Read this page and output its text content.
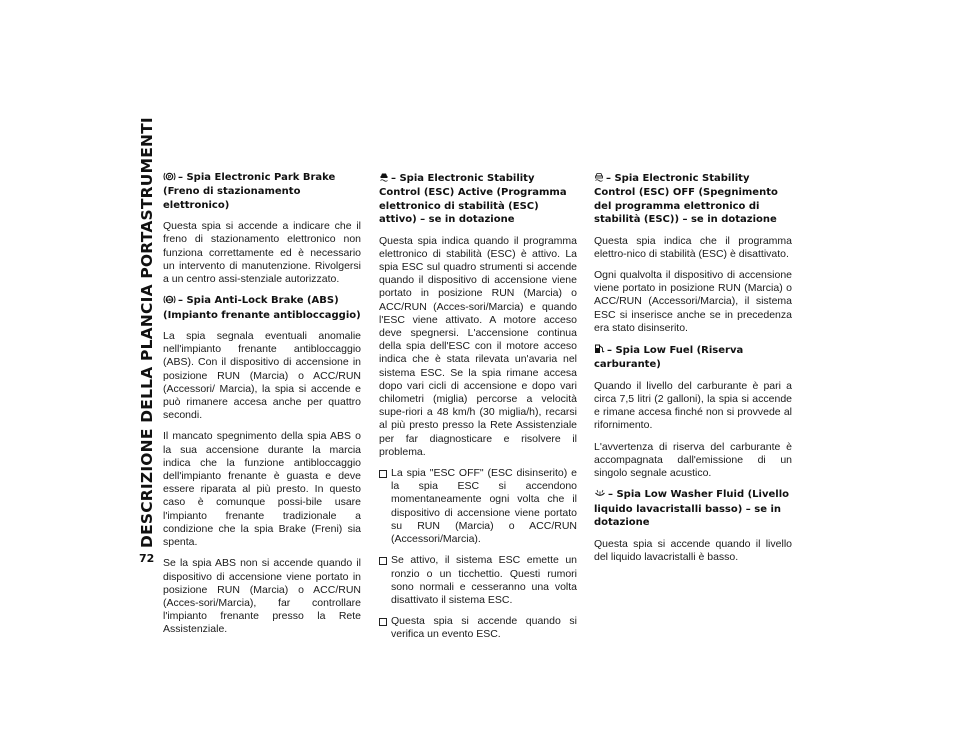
DESCRIZIONE DELLA PLANCIA PORTASTRUMENTI
72
P – Spia Electronic Park Brake (Freno di stazionamento elettronico)

Questa spia si accende a indicare che il freno di stazionamento elettronico non funziona correttamente ed è necessario un intervento di manutenzione. Rivolgersi a un centro assi-stenziale autorizzato.

ABS – Spia Anti-Lock Brake (ABS) (Impianto frenante antibloccaggio)

La spia segnala eventuali anomalie nell'impianto frenante antibloccaggio (ABS). Con il dispositivo di accensione in posizione RUN (Marcia) o ACC/RUN (Accessori/ Marcia), la spia si accende e può rimanere accesa anche per quattro secondi.

Il mancato spegnimento della spia ABS o la sua accensione durante la marcia indica che la funzione antibloccaggio dell'impianto frenante è guasta e deve essere riparata al più presto. In questo caso è comunque possi-bile usare l'impianto frenante tradizionale a condizione che la spia Brake (Freni) sia spenta.

Se la spia ABS non si accende quando il dispositivo di accensione viene portato in posizione RUN (Marcia) o ACC/RUN (Acces-sori/Marcia), far controllare l'impianto frenante presso la Rete Assistenziale.

– Spia Electronic Stability Control (ESC) Active (Programma elettronico di stabilità (ESC) attivo) – se in dotazione

Questa spia indica quando il programma elettronico di stabilità (ESC) è attivo. La spia ESC sul quadro strumenti si accende quando il dispositivo di accensione viene portato in posizione RUN (Marcia) o ACC/RUN (Acces-sori/Marcia) e quando l'ESC viene attivato. A motore acceso deve spegnersi. L'accensione continua della spia dell'ESC con il motore acceso indica che è stata rilevata un'avaria nel sistema ESC. Se la spia rimane accesa dopo vari cicli di accensione e dopo vari chilometri (miglia) percorse a velocità supe-riori a 48 km/h (30 miglia/h), recarsi al più presto presso la Rete Assistenziale per far diagnosticare e risolvere il problema.

La spia "ESC OFF" (ESC disinserito) e la spia ESC si accendono momentaneamente ogni volta che il dispositivo di accensione viene portato su RUN (Marcia) o ACC/RUN (Accessori/Marcia).
Se attivo, il sistema ESC emette un ronzio o un ticchettio. Questi rumori sono normali e cesseranno una volta disattivato il sistema ESC.
Questa spia si accende quando si verifica un evento ESC.
– Spia Electronic Stability Control (ESC) OFF (Spegnimento del programma elettronico di stabilità (ESC)) – se in dotazione

Questa spia indica che il programma elettro-nico di stabilità (ESC) è disattivato.

Ogni qualvolta il dispositivo di accensione viene portato in posizione RUN (Marcia) o ACC/RUN (Accessori/Marcia), il sistema ESC si inserisce anche se in precedenza era stato disinserito.

– Spia Low Fuel (Riserva carburante)

Quando il livello del carburante è pari a circa 7,5 litri (2 galloni), la spia si accende e rimane accesa finché non si provvede al rifornimento.

L'avvertenza di riserva del carburante è accompagnata dall'emissione di un singolo segnale acustico.

– Spia Low Washer Fluid (Livello liquido lavacristalli basso) – se in dotazione

Questa spia si accende quando il livello del liquido lavacristalli è basso.
